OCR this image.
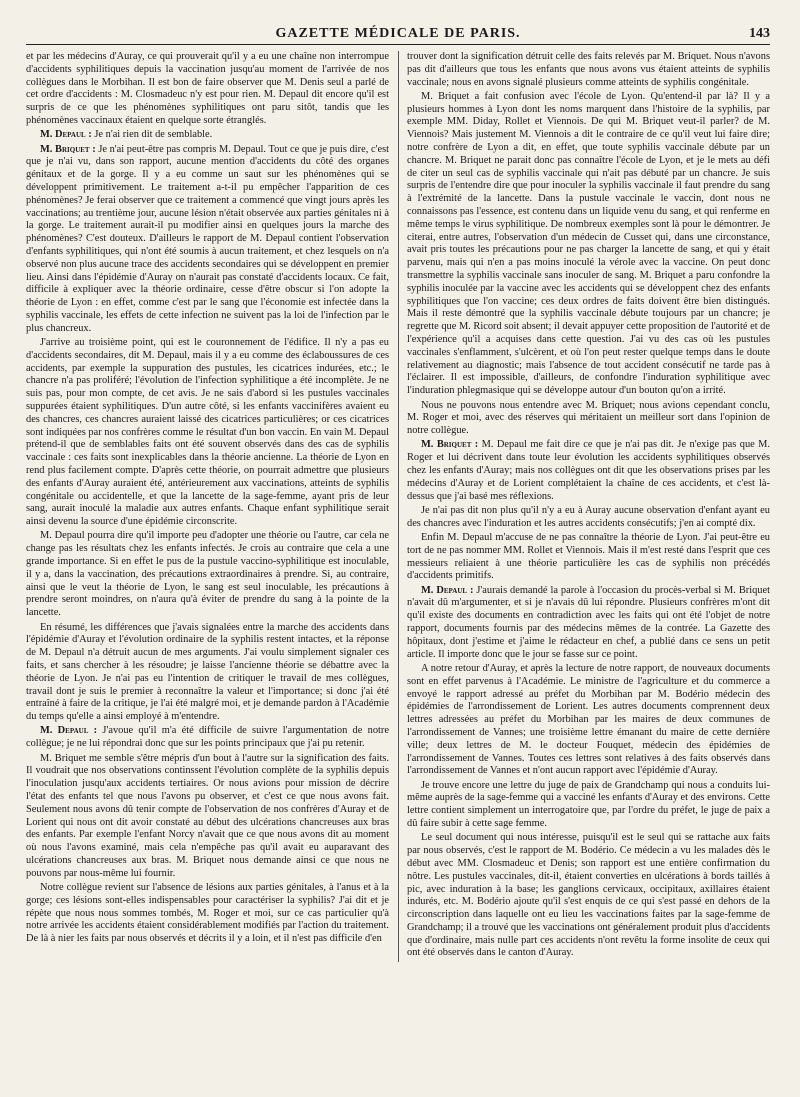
GAZETTE MÉDICALE DE PARIS.	143

et par les médecins d'Auray, ce qui prouverait qu'il y a eu une chaîne non interrompue d'accidents syphilitiques depuis la vaccination jusqu'au moment de l'arrivée de nos collègues dans le Morbihan. Il est bon de faire observer que M. Denis seul a parlé de cet ordre d'accidents : M. Closmadeuc n'y est pour rien. M. Depaul dit encore qu'il est surpris de ce que les phénomènes syphilitiques ont paru sitôt, tandis que les phénomènes vaccinaux étaient en quelque sorte étranglés.

M. Depaul : Je n'ai rien dit de semblable.

M. Briquet : Je n'ai peut-être pas compris M. Depaul. Tout ce que je puis dire, c'est que je n'ai vu, dans son rapport, aucune mention d'accidents du côté des organes génitaux et de la gorge. Il y a eu comme un saut sur les phénomènes qui se développent primitivement. Le traitement a-t-il pu empêcher l'apparition de ces phénomènes? Je ferai observer que ce traitement a commencé que vingt jours après les vaccinations; au trentième jour, aucune lésion n'était observée aux parties génitales ni à la gorge. Le traitement aurait-il pu modifier ainsi en quelques jours la marche des phénomènes? C'est douteux. D'ailleurs le rapport de M. Depaul contient l'observation d'enfants syphilitiques, qui n'ont été soumis à aucun traitement, et chez lesquels on n'a observé non plus aucune trace des accidents secondaires qui se développent en premier lieu. Ainsi dans l'épidémie d'Auray on n'aurait pas constaté d'accidents locaux. Ce fait, difficile à expliquer avec la théorie ordinaire, cesse d'être obscur si l'on adopte la théorie de Lyon : en effet, comme c'est par le sang que l'économie est infectée dans la syphilis vaccinale, les effets de cette infection ne suivent pas la loi de l'infection par le plus chancreux.

J'arrive au troisième point, qui est le couronnement de l'édifice. Il n'y a pas eu d'accidents secondaires, dit M. Depaul, mais il y a eu comme des éclaboussures de ces accidents, par exemple la suppuration des pustules, les cicatrices indurées, etc.; le chancre n'a pas proliféré; l'évolution de l'infection syphilitique a été incomplète. Je ne suis pas, pour mon compte, de cet avis. Je ne sais d'abord si les pustules vaccinales suppurées étaient syphilitiques. D'un autre côté, si les enfants vaccinifères avaient eu des chancres, ces chancres auraient laissé des cicatrices particulières; or ces cicatrices sont indiquées par nos confrères comme le résultat d'un bon vaccin. En vain M. Depaul prétend-il que de semblables faits ont été souvent observés dans des cas de syphilis vaccinale : ces faits sont inexplicables dans la théorie ancienne. La théorie de Lyon en rend plus facilement compte. D'après cette théorie, on pourrait admettre que plusieurs des enfants d'Auray auraient été, antérieurement aux vaccinations, atteints de syphilis congénitale ou accidentelle, et que la lancette de la sage-femme, ayant pris de leur sang, aurait inoculé la maladie aux autres enfants. Chaque enfant syphilitique serait ainsi devenu la source d'une épidémie circonscrite.

M. Depaul pourra dire qu'il importe peu d'adopter une théorie ou l'autre, car cela ne change pas les résultats chez les enfants infectés. Je crois au contraire que cela a une grande importance. Si en effet le pus de la pustule vaccino-syphilitique est inoculable, il y a, dans la vaccination, des précautions extraordinaires à prendre. Si, au contraire, ainsi que le veut la théorie de Lyon, le sang est seul inoculable, les précautions à prendre seront moindres, on n'aura qu'à éviter de prendre du sang à la pointe de la lancette.

En résumé, les différences que j'avais signalées entre la marche des accidents dans l'épidémie d'Auray et l'évolution ordinaire de la syphilis restent intactes, et la réponse de M. Depaul n'a détruit aucun de mes arguments. J'ai voulu simplement signaler ces faits, et sans chercher à les résoudre; je laisse l'ancienne théorie se débattre avec la théorie de Lyon. Je n'ai pas eu l'intention de critiquer le travail de mes collègues, travail dont je suis le premier à reconnaître la valeur et l'importance; si donc j'ai été entraîné à faire de la critique, je l'ai été malgré moi, et je demande pardon à l'Académie du temps qu'elle a ainsi employé à m'entendre.

M. Depaul : J'avoue qu'il m'a été difficile de suivre l'argumentation de notre collègue; je ne lui répondrai donc que sur les points principaux que j'ai pu retenir.

M. Briquet me semble s'être mépris d'un bout à l'autre sur la signification des faits. Il voudrait que nos observations continssent l'évolution complète de la syphilis depuis l'inoculation jusqu'aux accidents tertiaires. Or nous avions pour mission de décrire l'état des enfants tel que nous l'avons pu observer, et c'est ce que nous avons fait. Seulement nous avons dû tenir compte de l'observation de nos confrères d'Auray et de Lorient qui nous ont dit avoir constaté au début des ulcérations chancreuses aux bras des enfants. Par exemple l'enfant Norcy n'avait que ce que nous avons dit au moment où nous l'avons examiné, mais cela n'empêche pas qu'il avait eu auparavant des ulcérations chancreuses aux bras. M. Briquet nous demande ainsi ce que nous ne pouvons par nous-même lui fournir.

Notre collègue revient sur l'absence de lésions aux parties génitales, à l'anus et à la gorge; ces lésions sont-elles indispensables pour caractériser la syphilis? J'ai dit et je répète que nous nous sommes tombés, M. Roger et moi, sur ce cas particulier qu'à notre arrivée les accidents étaient considérablement modifiés par l'action du traitement. De là à nier les faits par nous observés et décrits il y a loin, et il n'est pas difficile d'en

trouver dont la signification détruit celle des faits relevés par M. Briquet. Nous n'avons pas dit d'ailleurs que tous les enfants que nous avons vus étaient atteints de syphilis vaccinale; nous en avons signalé plusieurs comme atteints de syphilis congénitale.

M. Briquet a fait confusion avec l'école de Lyon. Qu'entend-il par là? Il y a plusieurs hommes à Lyon dont les noms marquent dans l'histoire de la syphilis, par exemple MM. Diday, Rollet et Viennois. De qui M. Briquet veut-il parler? de M. Viennois? Mais justement M. Viennois a dit le contraire de ce qu'il veut lui faire dire; notre confrère de Lyon a dit, en effet, que toute syphilis vaccinale débute par un chancre. M. Briquet ne parait donc pas connaître l'école de Lyon, et je le mets au défi de citer un seul cas de syphilis vaccinale qui n'ait pas débuté par un chancre. Je suis surpris de l'entendre dire que pour inoculer la syphilis vaccinale il faut prendre du sang à l'extrémité de la lancette. Dans la pustule vaccinale le vaccin, dont nous ne connaissons pas l'essence, est contenu dans un liquide venu du sang, et qui renferme en même temps le virus syphilitique. De nombreux exemples sont là pour le démontrer. Je citerai, entre autres, l'observation d'un médecin de Cusset qui, dans une circonstance, avait pris toutes les précautions pour ne pas charger la lancette de sang, et qui y était parvenu, mais qui n'en a pas moins inoculé la vérole avec la vaccine. On peut donc transmettre la syphilis vaccinale sans inoculer de sang. M. Briquet a paru confondre la syphilis inoculée par la vaccine avec les accidents qui se développent chez des enfants syphilitiques que l'on vaccine; ces deux ordres de faits doivent être bien distingués. Mais il reste démontré que la syphilis vaccinale débute toujours par un chancre; je regrette que M. Ricord soit absent; il devait appuyer cette proposition de l'autorité et de l'expérience qu'il a acquises dans cette question. J'ai vu des cas où les pustules vaccinales s'enflamment, s'ulcèrent, et où l'on peut rester quelque temps dans le doute relativement au diagnostic; mais l'absence de tout accident consécutif ne tarde pas à l'éclairer. Il est impossible, d'ailleurs, de confondre l'induration syphilitique avec l'induration phlegmasique qui se développe autour d'un bouton qu'on a irrité.

Nous ne pouvons nous entendre avec M. Briquet; nous avions cependant conclu, M. Roger et moi, avec des réserves qui méritaient un meilleur sort dans l'opinion de notre collègue.

M. Briquet : M. Depaul me fait dire ce que je n'ai pas dit. Je n'exige pas que M. Roger et lui décrivent dans toute leur évolution les accidents syphilitiques observés chez les enfants d'Auray; mais nos collègues ont dit que les observations prises par les médecins d'Auray et de Lorient complétaient la chaîne de ces accidents, et c'est là-dessus que j'ai basé mes réflexions.

Je n'ai pas dit non plus qu'il n'y a eu à Auray aucune observation d'enfant ayant eu des chancres avec l'induration et les autres accidents consécutifs; j'en ai compté dix.

Enfin M. Depaul m'accuse de ne pas connaître la théorie de Lyon. J'ai peut-être eu tort de ne pas nommer MM. Rollet et Viennois. Mais il m'est resté dans l'esprit que ces messieurs reliaient à une théorie particulière les cas de syphilis non précédés d'accidents primitifs.

M. Depaul : J'aurais demandé la parole à l'occasion du procès-verbal si M. Briquet n'avait dû m'argumenter, et si je n'avais dû lui répondre. Plusieurs confrères m'ont dit qu'il existe des documents en contradiction avec les faits qui ont été l'objet de notre rapport, documents fournis par des médecins mêmes de la contrée. La Gazette des hôpitaux, dont j'estime et j'aime le rédacteur en chef, a publié dans ce sens un petit article. Il importe donc que le jour se fasse sur ce point.

A notre retour d'Auray, et après la lecture de notre rapport, de nouveaux documents sont en effet parvenus à l'Académie. Le ministre de l'agriculture et du commerce a envoyé le rapport adressé au préfet du Morbihan par M. Bodério médecin des épidémies de l'arrondissement de Lorient. Les autres documents comprennent deux lettres adressées au préfet du Morbihan par les maires de deux communes de l'arrondissement de Vannes; une troisième lettre émanant du maire de cette dernière ville; deux lettres de M. le docteur Fouquet, médecin des épidémies de l'arrondissement de Vannes. Toutes ces lettres sont relatives à des faits observés dans l'arrondissement de Vannes et n'ont aucun rapport avec l'épidémie d'Auray.

Je trouve encore une lettre du juge de paix de Grandchamp qui nous a conduits lui-même auprès de la sage-femme qui a vacciné les enfants d'Auray et des environs. Cette lettre contient simplement un interrogatoire que, par l'ordre du préfet, le juge de paix a dû faire subir à cette sage femme.

Le seul document qui nous intéresse, puisqu'il est le seul qui se rattache aux faits par nous observés, c'est le rapport de M. Bodério. Ce médecin a vu les malades dès le début avec MM. Closmadeuc et Denis; son rapport est une entière confirmation du nôtre. Les pustules vaccinales, dit-il, étaient converties en ulcérations à bords taillés à pic, avec induration à la base; les ganglions cervicaux, occipitaux, axillaires étaient indurés, etc. M. Bodério ajoute qu'il s'est enquis de ce qui s'est passé en dehors de la circonscription dans laquelle ont eu lieu les vaccinations faites par la sage-femme de Grandchamp; il a trouvé que les vaccinations ont généralement produit plus d'accidents que d'ordinaire, mais nulle part ces accidents n'ont revêtu la forme insolite de ceux qui ont été observés dans le canton d'Auray.
